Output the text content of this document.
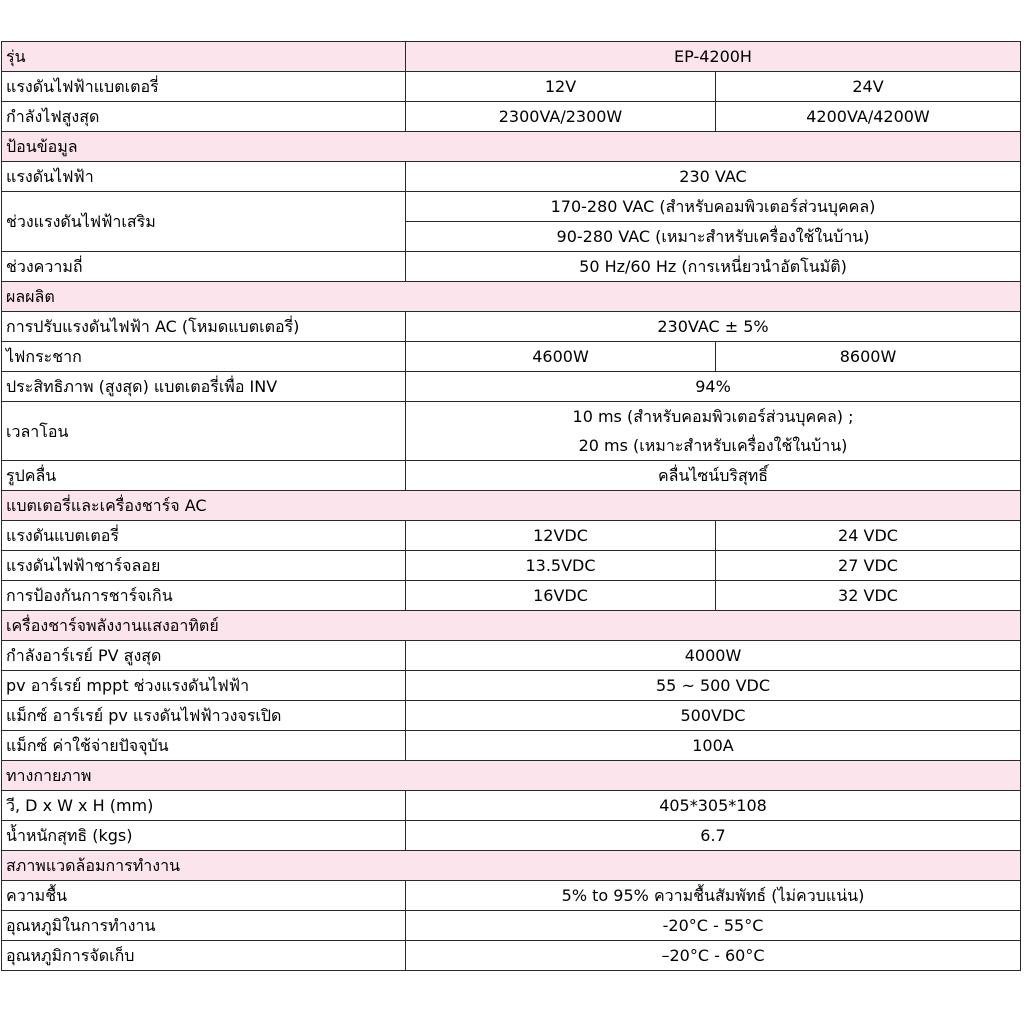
รุ่น	EP-4200H	
แรงดันไฟฟ้าแบตเตอรี่	12V	24V
กำลังไฟสูงสุด	2300VA/2300W	4200VA/4200W
ป้อนข้อมูล		
แรงดันไฟฟ้า	230 VAC	
ช่วงแรงดันไฟฟ้าเสริม	170-280 VAC (สำหรับคอมพิวเตอร์ส่วนบุคคล)	
	90-280 VAC (เหมาะสำหรับเครื่องใช้ในบ้าน)	
ช่วงความถี่	50 Hz/60 Hz (การเหนี่ยวนำอัตโนมัติ)	
ผลผลิต		
การปรับแรงดันไฟฟ้า AC (โหมดแบตเตอรี่)	230VAC ± 5%	
ไฟกระชาก	4600W	8600W
ประสิทธิภาพ (สูงสุด) แบตเตอรี่เพื่อ INV	94%	
เวลาโอน	10 ms (สำหรับคอมพิวเตอร์ส่วนบุคคล) ;	
	20 ms (เหมาะสำหรับเครื่องใช้ในบ้าน)	
รูปคลื่น	คลื่นไซน์บริสุทธิ์	
แบตเตอรี่และเครื่องชาร์จ AC		
แรงดันแบตเตอรี่	12VDC	24 VDC
แรงดันไฟฟ้าชาร์จลอย	13.5VDC	27 VDC
การป้องกันการชาร์จเกิน	16VDC	32 VDC
เครื่องชาร์จพลังงานแสงอาทิตย์		
กำลังอาร์เรย์ PV สูงสุด	4000W	
pv อาร์เรย์ mppt ช่วงแรงดันไฟฟ้า	55 ~ 500 VDC	
แม็กซ์ อาร์เรย์ pv แรงดันไฟฟ้าวงจรเปิด	500VDC	
แม็กซ์ ค่าใช้จ่ายปัจจุบัน	100A	
ทางกายภาพ		
วี, D x W x H (mm)	405*305*108	
น้ำหนักสุทธิ (kgs)	6.7	
สภาพแวดล้อมการทำงาน		
ความชื้น	5% to 95% ความชื้นสัมพัทธ์ (ไม่ควบแน่น)	
อุณหภูมิในการทำงาน	-20°C - 55°C	
อุณหภูมิการจัดเก็บ	–20°C - 60°C	
